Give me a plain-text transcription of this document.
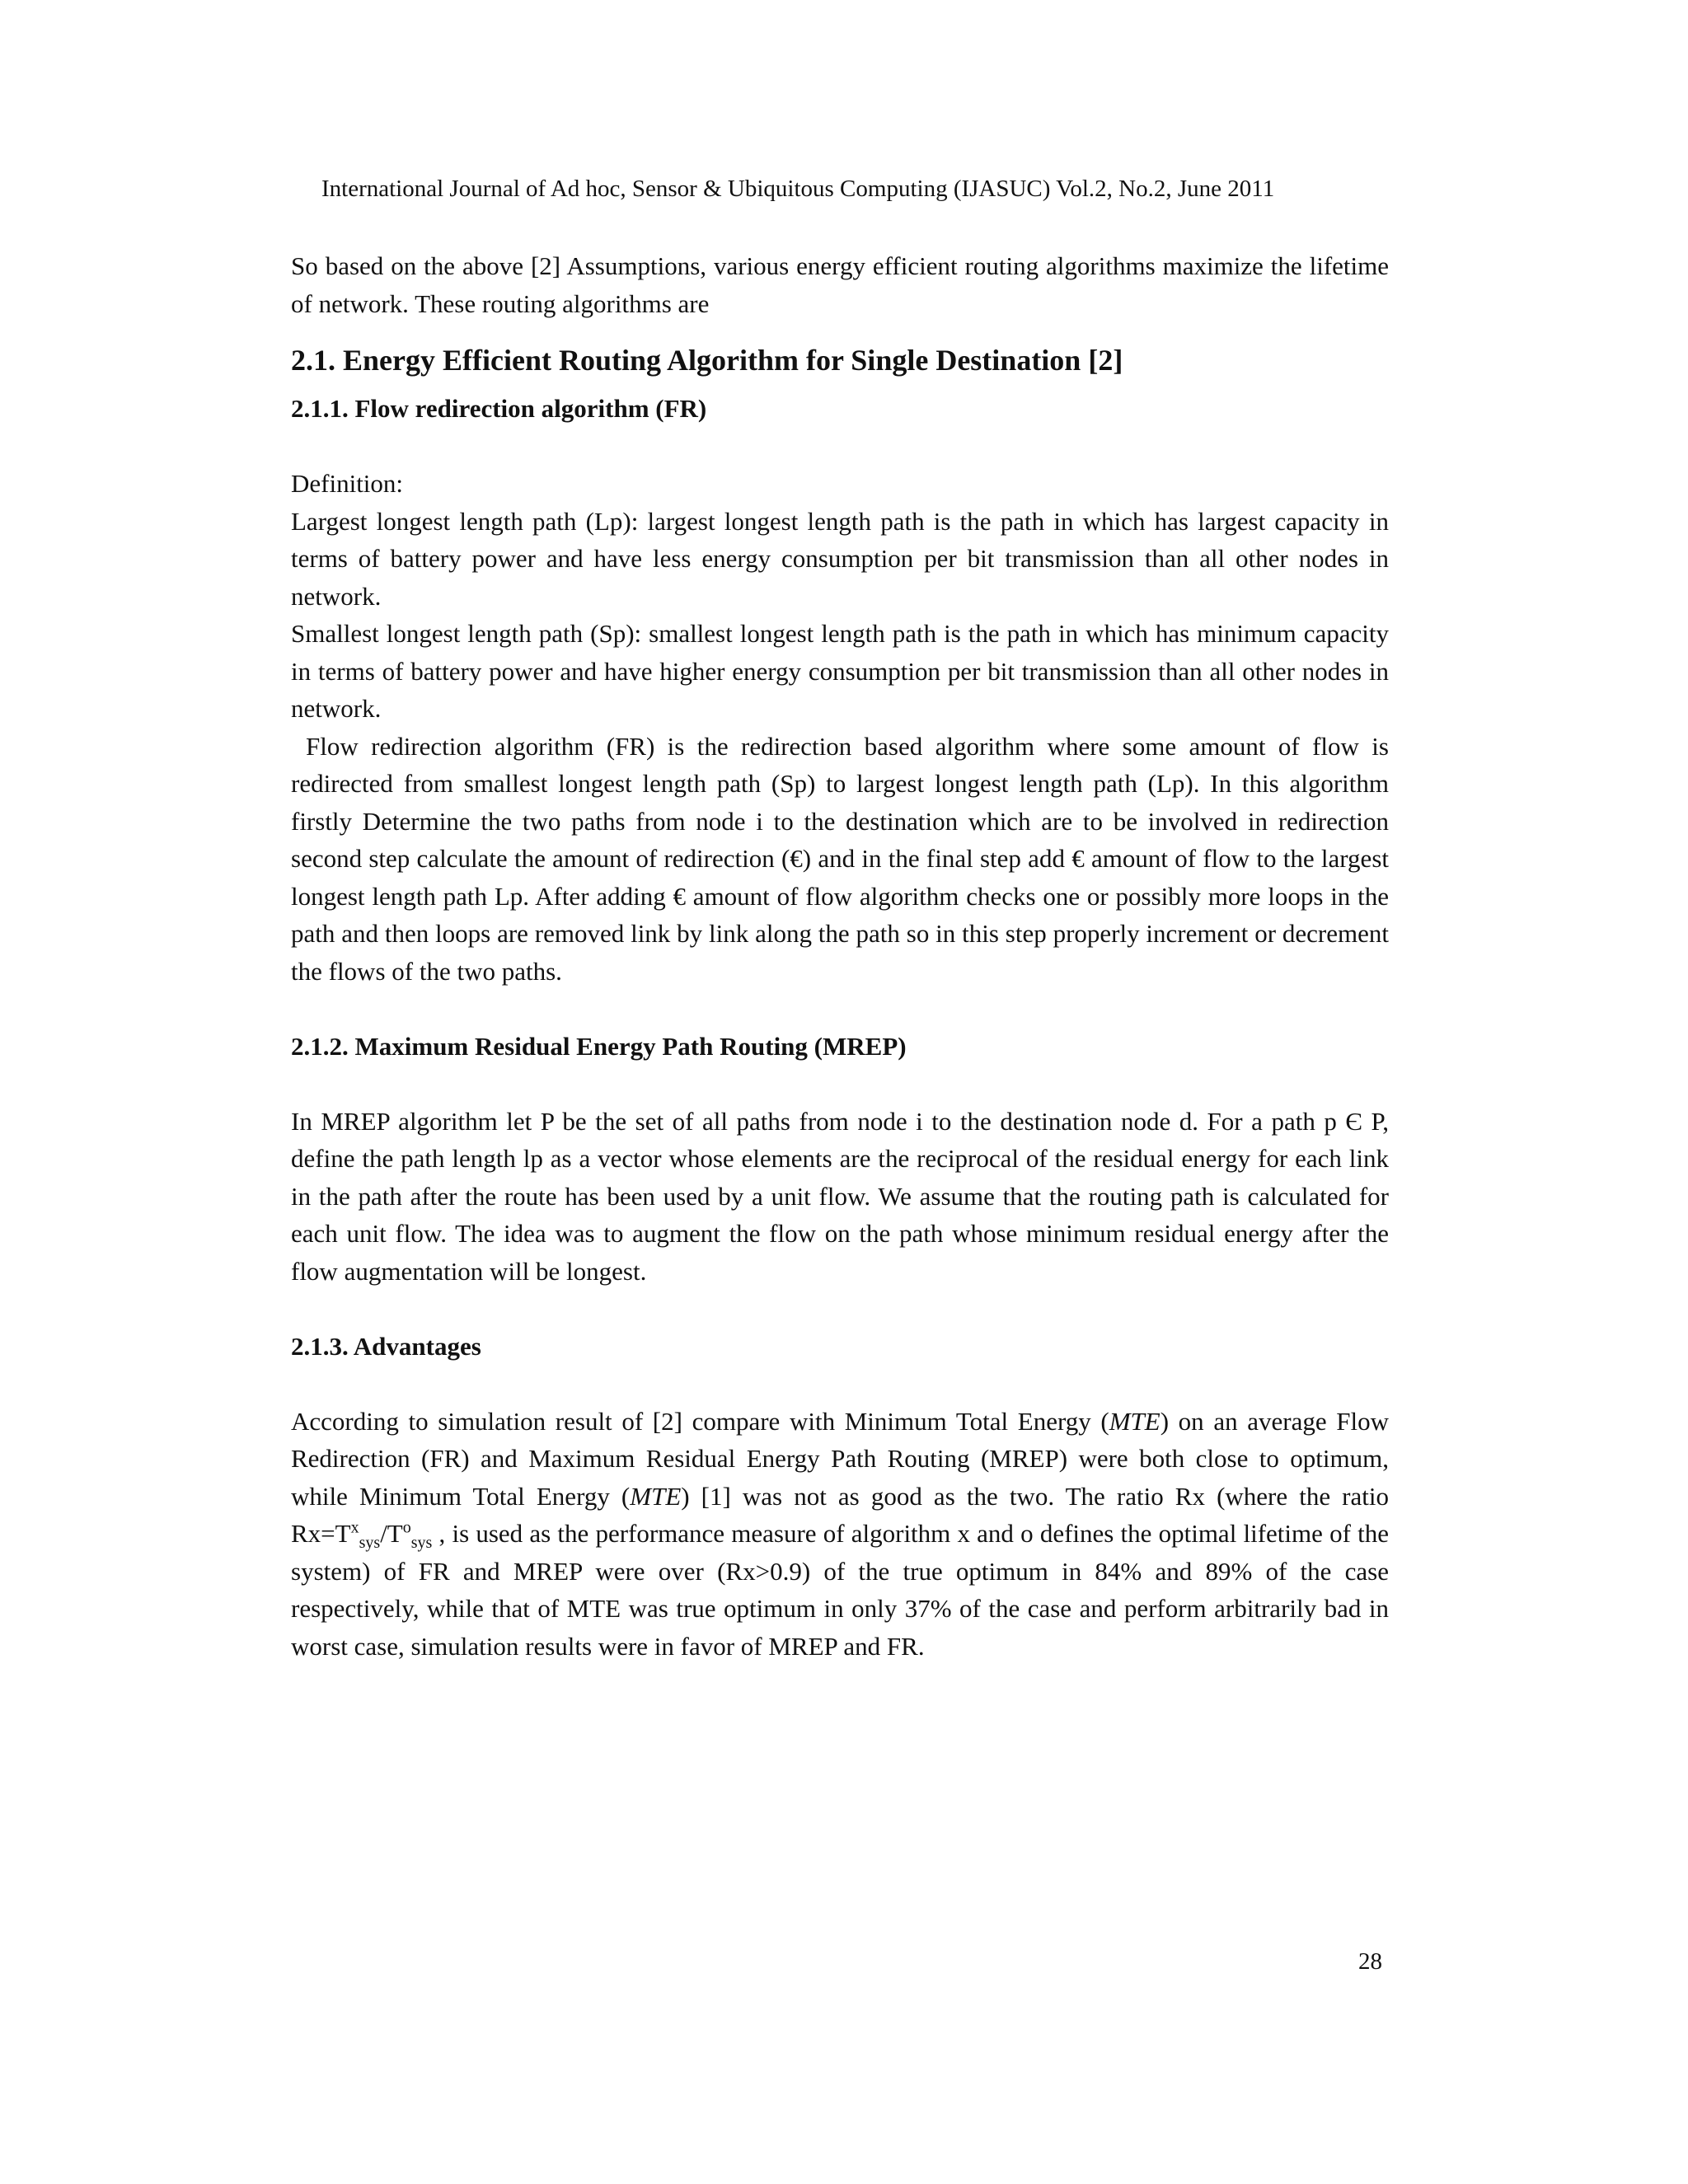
International Journal of Ad hoc, Sensor & Ubiquitous Computing (IJASUC) Vol.2, No.2, June 2011

So based on the above [2] Assumptions, various energy efficient routing algorithms maximize the lifetime of network. These routing algorithms are

2.1. Energy Efficient Routing Algorithm for Single Destination [2]
2.1.1. Flow redirection algorithm (FR)

Definition:

Largest longest length path (Lp): largest longest length path is the path in which has largest capacity in terms of battery power and have less energy consumption per bit transmission than all other nodes in network.

Smallest longest length path (Sp): smallest longest length path is the path in which has minimum capacity in terms of battery power and have higher energy consumption per bit transmission than all other nodes in network.

Flow redirection algorithm (FR) is the redirection based algorithm where some amount of flow is redirected from smallest longest length path (Sp) to largest longest length path (Lp). In this algorithm firstly Determine the two paths from node i to the destination which are to be involved in redirection second step calculate the amount of redirection (€) and in the final step add € amount of flow to the largest longest length path Lp. After adding € amount of flow algorithm checks one or possibly more loops in the path and then loops are removed link by link along the path so in this step properly increment or decrement the flows of the two paths.

2.1.2. Maximum Residual Energy Path Routing (MREP)

In MREP algorithm let P be the set of all paths from node i to the destination node d. For a path p Є P, define the path length lp as a vector whose elements are the reciprocal of the residual energy for each link in the path after the route has been used by a unit flow. We assume that the routing path is calculated for each unit flow. The idea was to augment the flow on the path whose minimum residual energy after the flow augmentation will be longest.

2.1.3. Advantages

According to simulation result of [2] compare with Minimum Total Energy (MTE) on an average Flow Redirection (FR) and Maximum Residual Energy Path Routing (MREP) were both close to optimum, while Minimum Total Energy (MTE) [1] was not as good as the two. The ratio Rx (where the ratio $Rx=T^x_{sys}/T^o_{sys}$ , is used as the performance measure of algorithm x and o defines the optimal lifetime of the system) of FR and MREP were over (Rx>0.9) of the true optimum in 84% and 89% of the case respectively, while that of MTE was true optimum in only 37% of the case and perform arbitrarily bad in worst case, simulation results were in favor of MREP and FR.

28
